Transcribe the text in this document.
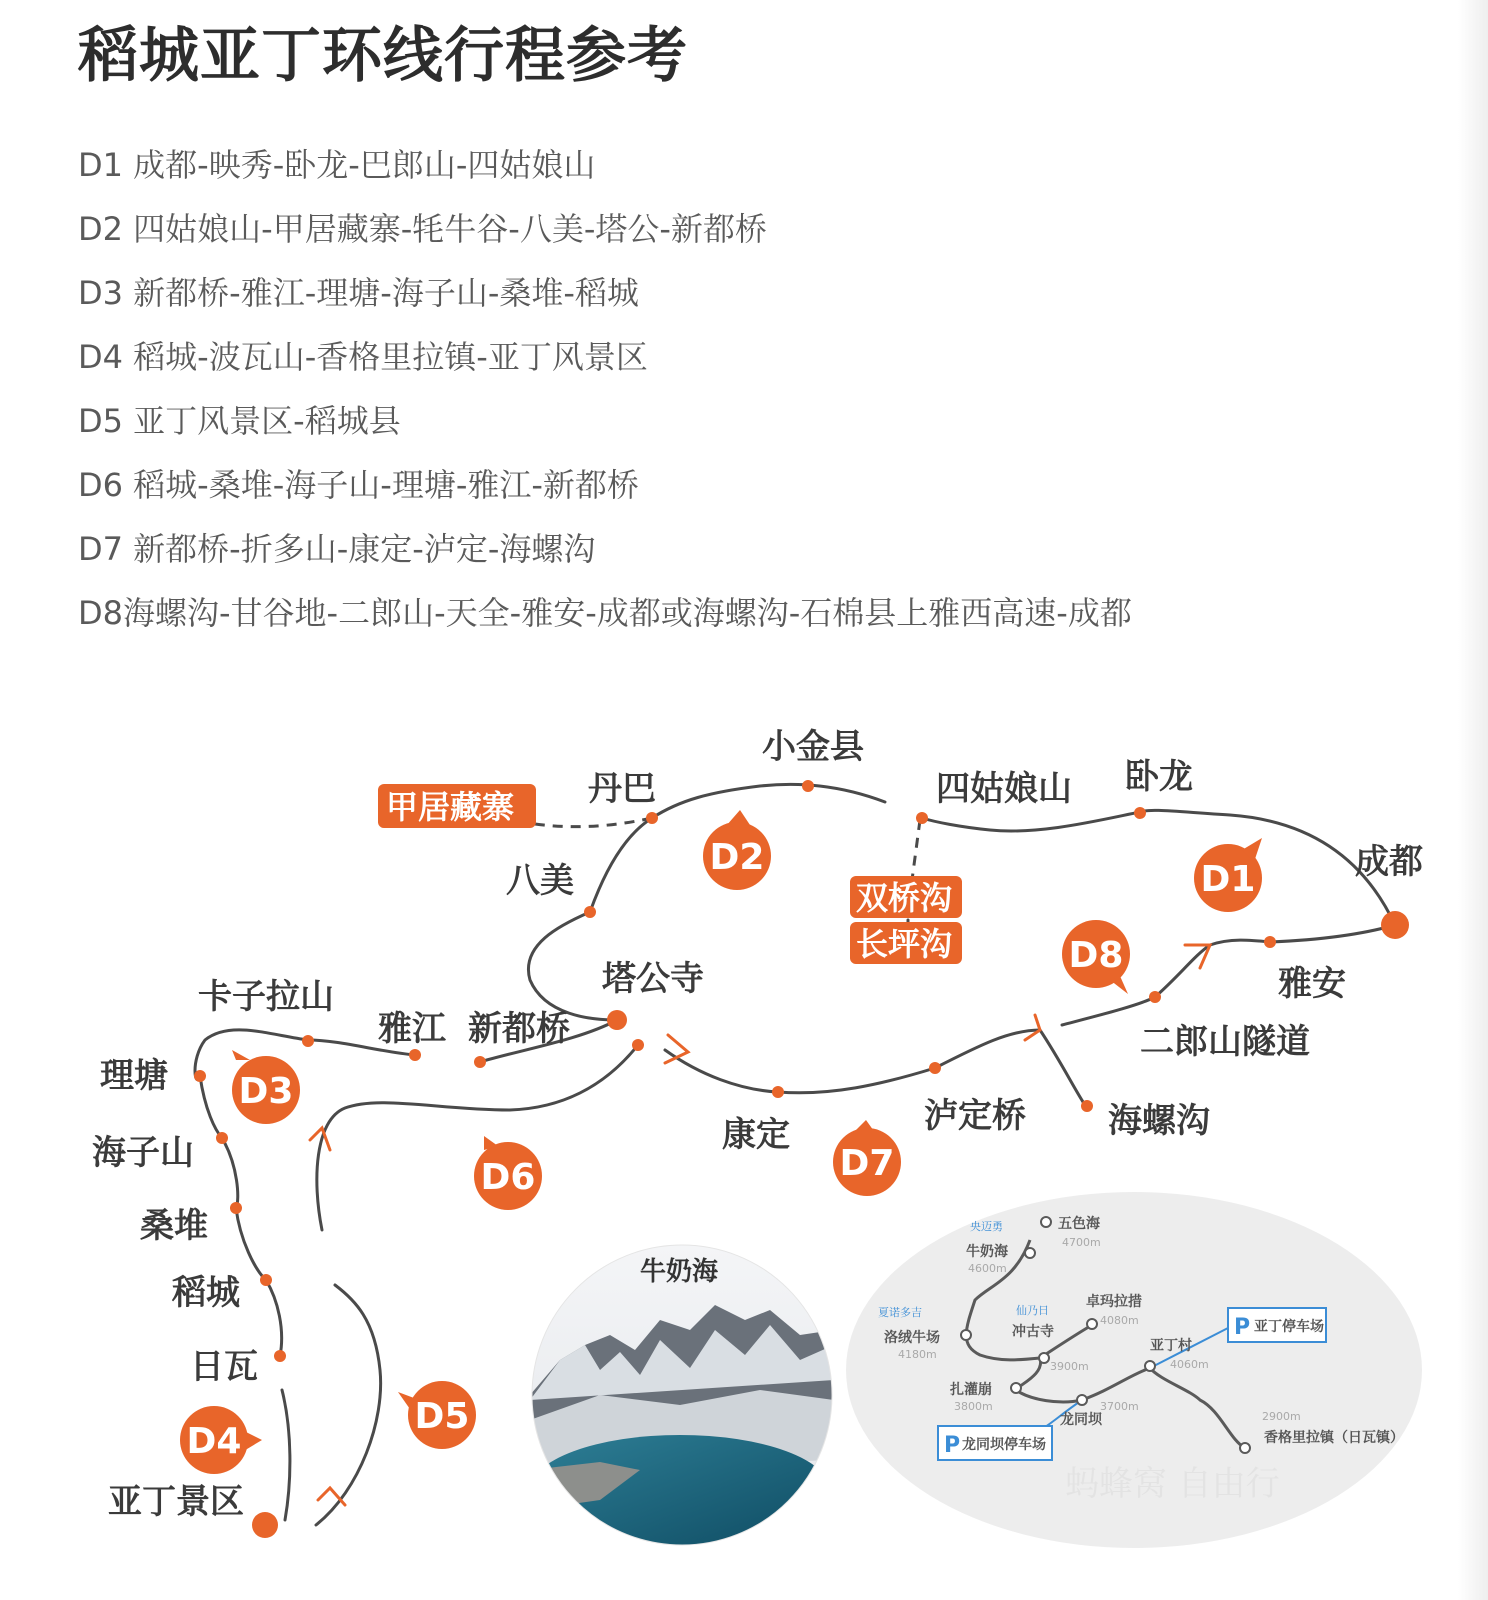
稻城亚丁环线行程参考
D1 成都-映秀-卧龙-巴郎山-四姑娘山
D2 四姑娘山-甲居藏寨-牦牛谷-八美-塔公-新都桥
D3 新都桥-雅江-理塘-海子山-桑堆-稻城
D4 稻城-波瓦山-香格里拉镇-亚丁风景区
D5 亚丁风景区-稻城县
D6 稻城-桑堆-海子山-理塘-雅江-新都桥
D7 新都桥-折多山-康定-泸定-海螺沟
D8海螺沟-甘谷地-二郎山-天全-雅安-成都或海螺沟-石棉县上雅西高速-成都
小金县
丹巴	四姑娘山 卧龙
成都
八美
塔公寺	雅安
二郎山隧道
卡子拉山
雅江 新都桥
理塘
康定	泸定桥 海螺沟
海子山
桑堆
稻城
日瓦
亚丁景区
甲居藏寨
双桥沟
长坪沟
D1
D2
D3
D4
D5
D6	D7
D8
牛奶海
五色海
4700m
央迈勇
牛奶海
4600m
夏诺多吉
洛绒牛场
4180m
仙乃日
冲古寺
3900m
卓玛拉措
4080m
亚丁村
4060m
P 亚丁停车场
扎灌崩
3800m	3700m
龙同坝
P 龙同坝停车场
2900m
香格里拉镇（日瓦镇）
蚂蜂窝 自由行
